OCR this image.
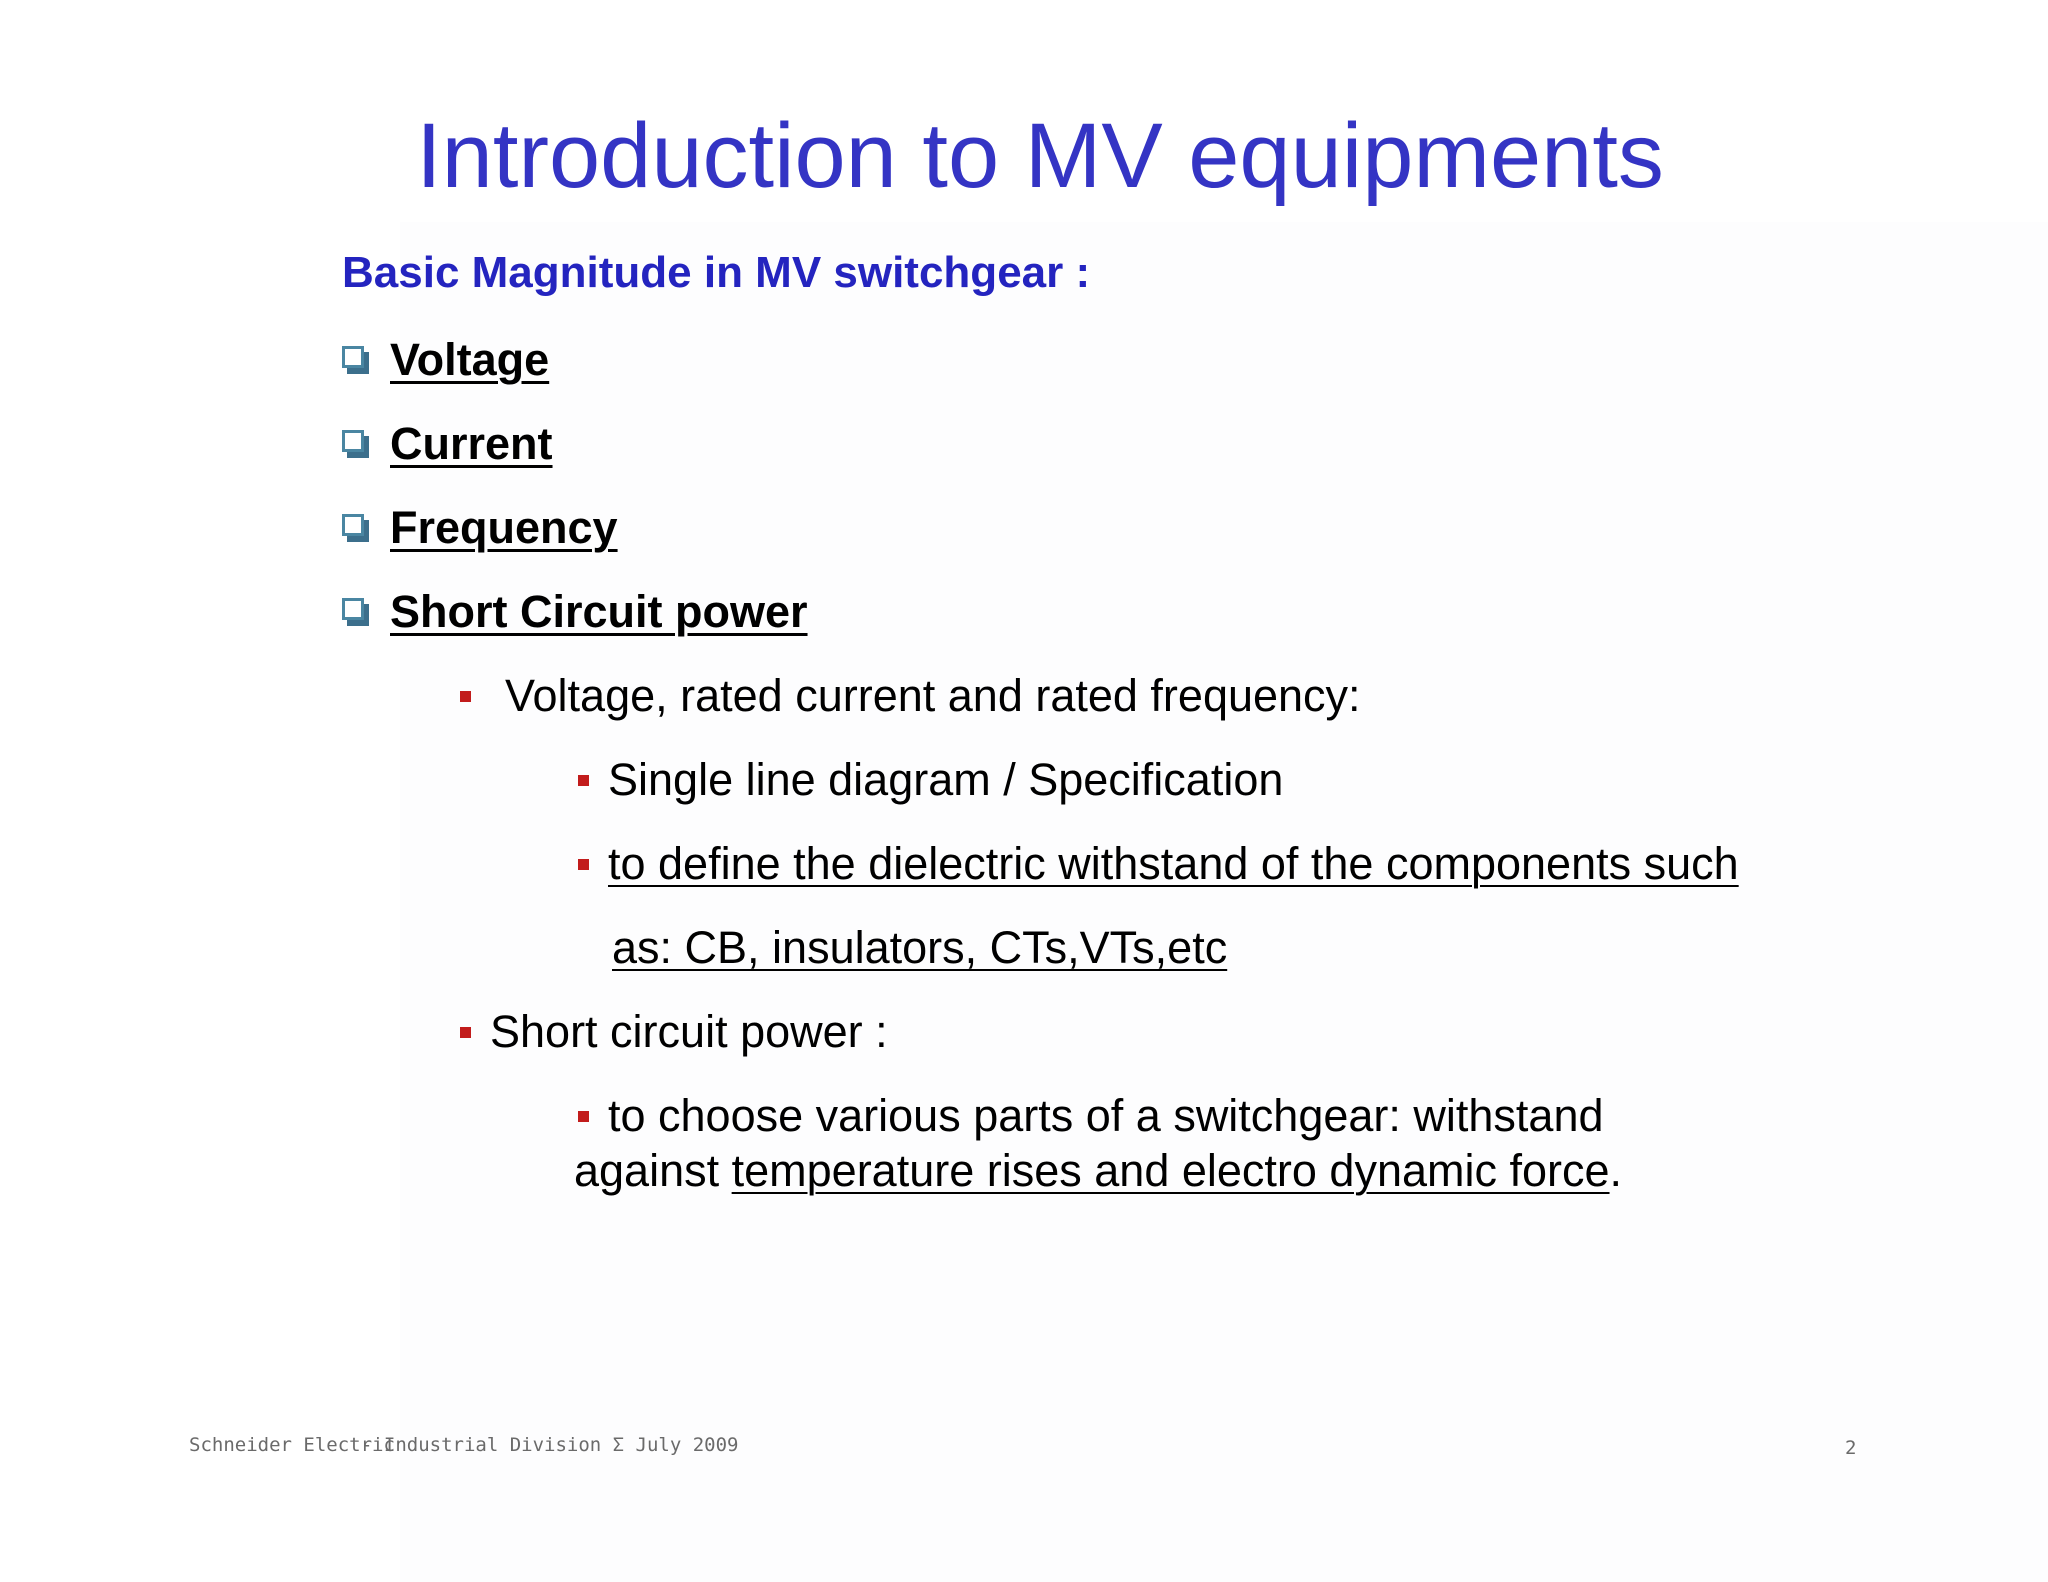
Introduction to MV equipments
Basic Magnitude in MV switchgear :
Voltage
Current
Frequency
Short Circuit power
Voltage, rated current and rated frequency:
Single line diagram / Specification
to define the dielectric withstand of the components such
as: CB, insulators, CTs,VTs,etc
Short circuit power :
to choose various parts of a switchgear: withstand
against temperature rises and electro dynamic force .
Schneider Electric
- Industrial Division Σ July 2009	2
